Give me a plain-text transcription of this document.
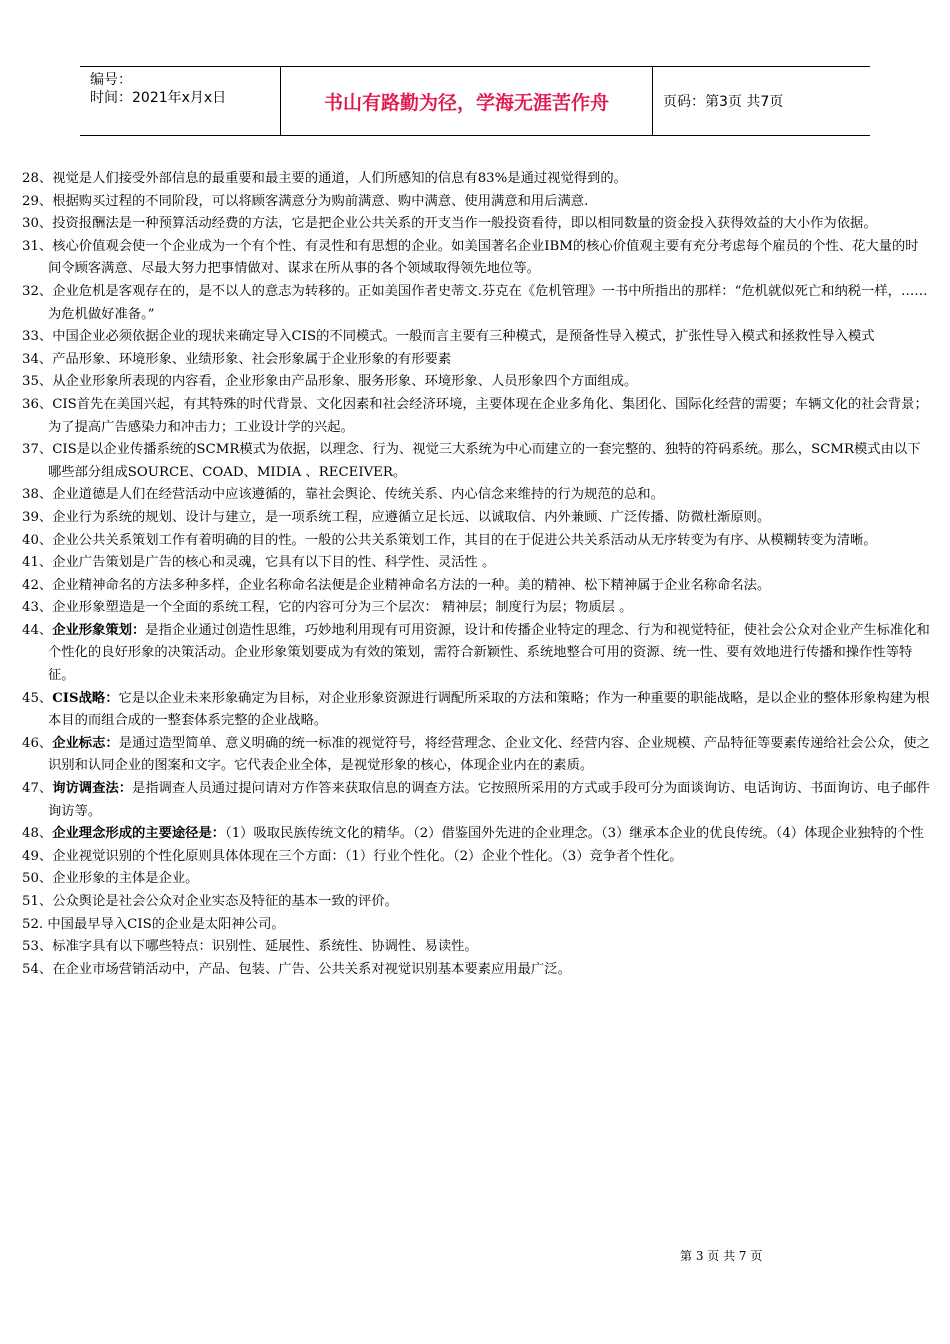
编号：
时间：2021年x月x日	书山有路勤为径，学海无涯苦作舟	页码：第3页 共7页

28、视觉是人们接受外部信息的最重要和最主要的通道，人们所感知的信息有83%是通过视觉得到的。

29、根据购买过程的不同阶段，可以将顾客满意分为购前满意、购中满意、使用满意和用后满意.

30、投资报酬法是一种预算活动经费的方法，它是把企业公共关系的开支当作一般投资看待，即以相同数量的资金投入获得效益的大小作为依据。

31、核心价值观会使一个企业成为一个有个性、有灵性和有思想的企业。如美国著名企业IBM的核心价值观主要有充分考虑每个雇员的个性、花大量的时间令顾客满意、尽最大努力把事情做对、谋求在所从事的各个领域取得领先地位等。

32、企业危机是客观存在的，是不以人的意志为转移的。正如美国作者史蒂文.芬克在《危机管理》一书中所指出的那样：“危机就似死亡和纳税一样，…… 为危机做好准备。”

33、中国企业必须依据企业的现状来确定导入CIS的不同模式。一般而言主要有三种模式，是预备性导入模式，扩张性导入模式和拯救性导入模式

34、产品形象、环境形象、业绩形象、社会形象属于企业形象的有形要素

35、从企业形象所表现的内容看，企业形象由产品形象、服务形象、环境形象、人员形象四个方面组成。

36、CIS首先在美国兴起，有其特殊的时代背景、文化因素和社会经济环境，主要体现在企业多角化、集团化、国际化经营的需要；车辆文化的社会背景；为了提高广告感染力和冲击力；工业设计学的兴起。

37、CIS是以企业传播系统的SCMR模式为依据，以理念、行为、视觉三大系统为中心而建立的一套完整的、独特的符码系统。那么，SCMR模式由以下哪些部分组成SOURCE、COAD、MIDIA 、RECEIVER。

38、企业道德是人们在经营活动中应该遵循的，靠社会舆论、传统关系、内心信念来维持的行为规范的总和。

39、企业行为系统的规划、设计与建立，是一项系统工程，应遵循立足长远、以诚取信、内外兼顾、广泛传播、防微杜渐原则。

40、企业公共关系策划工作有着明确的目的性。一般的公共关系策划工作，其目的在于促进公共关系活动从无序转变为有序、从模糊转变为清晰。

41、企业广告策划是广告的核心和灵魂，它具有以下目的性、科学性、灵活性 。

42、企业精神命名的方法多种多样，企业名称命名法便是企业精神命名方法的一种。美的精神、松下精神属于企业名称命名法。

43、企业形象塑造是一个全面的系统工程，它的内容可分为三个层次： 精神层；制度行为层；物质层 。

44、企业形象策划：是指企业通过创造性思维，巧妙地利用现有可用资源，设计和传播企业特定的理念、行为和视觉特征，使社会公众对企业产生标准化和个性化的良好形象的决策活动。企业形象策划要成为有效的策划，需符合新颖性、系统地整合可用的资源、统一性、要有效地进行传播和操作性等特征。

45、CIS战略：它是以企业未来形象确定为目标，对企业形象资源进行调配所采取的方法和策略；作为一种重要的职能战略，是以企业的整体形象构建为根本目的而组合成的一整套体系完整的企业战略。

46、企业标志：是通过造型简单、意义明确的统一标准的视觉符号，将经营理念、企业文化、经营内容、企业规模、产品特征等要素传递给社会公众，使之识别和认同企业的图案和文字。它代表企业全体，是视觉形象的核心，体现企业内在的素质。

47、询访调查法：是指调查人员通过提问请对方作答来获取信息的调查方法。它按照所采用的方式或手段可分为面谈询访、电话询访、书面询访、电子邮件询访等。

48、企业理念形成的主要途径是：（1）吸取民族传统文化的精华。（2）借鉴国外先进的企业理念。（3）继承本企业的优良传统。（4）体现企业独特的个性

49、企业视觉识别的个性化原则具体体现在三个方面：（1）行业个性化。（2）企业个性化。（3）竞争者个性化。

50、企业形象的主体是企业。

51、公众舆论是社会公众对企业实态及特征的基本一致的评价。

52. 中国最早导入CIS的企业是太阳神公司。

53、标准字具有以下哪些特点：识别性、延展性、系统性、协调性、易读性。

54、在企业市场营销活动中，产品、包装、广告、公共关系对视觉识别基本要素应用最广泛。

第 3 页 共 7 页
